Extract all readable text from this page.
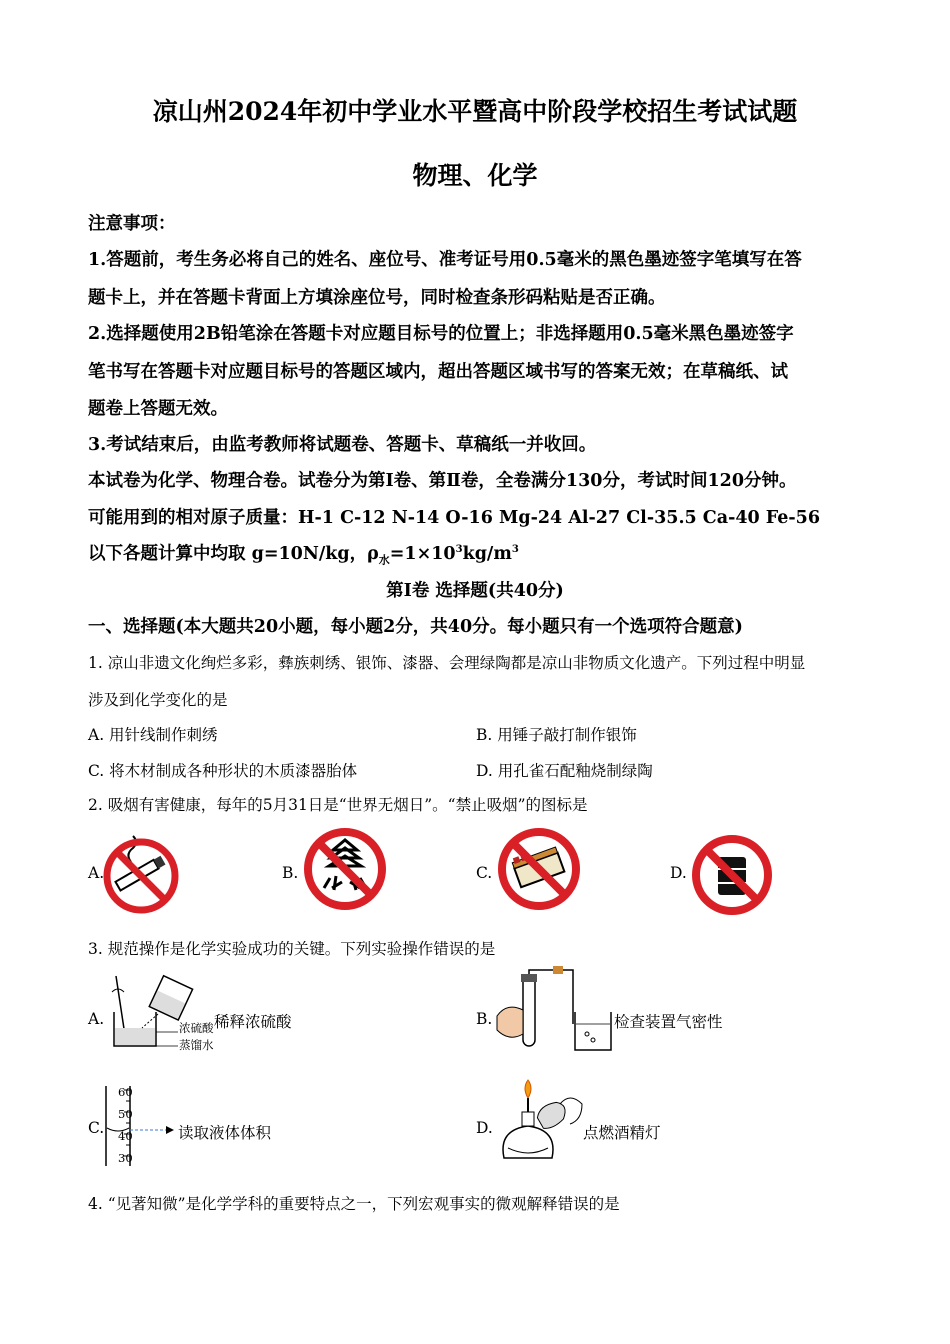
凉山州2024年初中学业水平暨高中阶段学校招生考试试题
物理、化学
注意事项：
1.答题前，考生务必将自己的姓名、座位号、准考证号用0.5毫米的黑色墨迹签字笔填写在答
题卡上，并在答题卡背面上方填涂座位号，同时检查条形码粘贴是否正确。
2.选择题使用2B铅笔涂在答题卡对应题目标号的位置上；非选择题用0.5毫米黑色墨迹签字
笔书写在答题卡对应题目标号的答题区域内，超出答题区域书写的答案无效；在草稿纸、试
题卷上答题无效。
3.考试结束后，由监考教师将试题卷、答题卡、草稿纸一并收回。
本试卷为化学、物理合卷。试卷分为第I卷、第Ⅱ卷，全卷满分130分，考试时间120分钟。
可能用到的相对原子质量：H-1 C-12 N-14 O-16 Mg-24 Al-27 Cl-35.5 Ca-40 Fe-56
以下各题计算中均取 g=10N/kg，$\rho_水=1\times 10^3kg/m^3$
第I卷 选择题(共40分)
一、选择题(本大题共20小题，每小题2分，共40分。每小题只有一个选项符合题意)
1. 凉山非遗文化绚烂多彩，彝族刺绣、银饰、漆器、会理绿陶都是凉山非物质文化遗产。下列过程中明显
涉及到化学变化的是
A. 用针线制作刺绣	B. 用锤子敲打制作银饰
C. 将木材制成各种形状的木质漆器胎体	D. 用孔雀石配釉烧制绿陶
2. 吸烟有害健康，每年的5月31日是“世界无烟日”。“禁止吸烟”的图标是
A.	B.	C.	D.
3. 规范操作是化学实验成功的关键。下列实验操作错误的是
A.	浓硫酸
蒸馏水
稀释浓硫酸	B.	检查装置气密性
C.
60
50
40
30
读取液体体积	D.	点燃酒精灯
4. “见著知微”是化学学科的重要特点之一，下列宏观事实的微观解释错误的是
